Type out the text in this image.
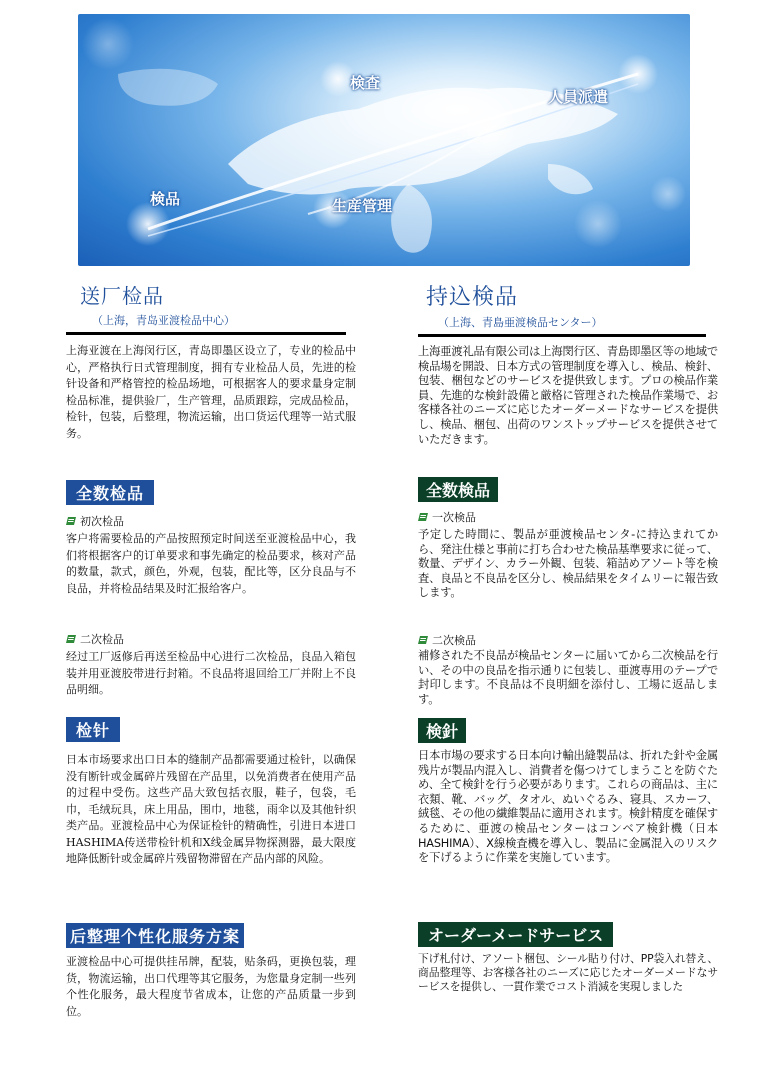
検査
人員派遣
検品	生産管理
送厂检品

（上海，青岛亚渡检品中心）

上海亚渡在上海闵行区，青岛即墨区设立了，专业的检品中心，严格执行日式管理制度，拥有专业检品人员，先进的检针设备和严格管控的检品场地，可根据客人的要求量身定制检品标准，提供验厂，生产管理，品质跟踪，完成品检品，检针，包装，后整理，物流运输，出口货运代理等一站式服务。

全数检品

初次检品

客户将需要检品的产品按照预定时间送至亚渡检品中心，我们将根据客户的订单要求和事先确定的检品要求，核对产品的数量，款式，颜色，外观，包装，配比等，区分良品与不良品，并将检品结果及时汇报给客户。

二次检品

经过工厂返修后再送至检品中心进行二次检品，良品入箱包装并用亚渡胶带进行封箱。不良品将退回给工厂并附上不良品明细。

检针

日本市场要求出口日本的缝制产品都需要通过检针，以确保没有断针或金属碎片残留在产品里，以免消费者在使用产品的过程中受伤。这些产品大致包括衣服，鞋子，包袋，毛巾，毛绒玩具，床上用品，围巾，地毯，雨伞以及其他针织类产品。亚渡检品中心为保证检针的精确性，引进日本进口HASHIMA传送带检针机和X线金属异物探测器，最大限度地降低断针或金属碎片残留物滞留在产品内部的风险。

后整理个性化服务方案

亚渡检品中心可提供挂吊牌，配装，贴条码，更换包装，理货，物流运输，出口代理等其它服务，为您量身定制一些列个性化服务，最大程度节省成本，让您的产品质量一步到位。

持込検品

（上海、青島亜渡検品センター）

上海亜渡礼品有限公司は上海閔行区、青島即墨区等の地域で検品場を開設、日本方式の管理制度を導入し、検品、検針、包装、梱包などのサービスを提供致します。プロの検品作業員、先進的な検針設備と厳格に管理された検品作業場で、お客様各社のニーズに応じたオーダーメードなサービスを提供し、検品、梱包、出荷のワンストップサービスを提供させていただきます。

全数検品

一次検品

予定した時間に、製品が亜渡検品センタ-に持込まれてから、発注仕様と事前に打ち合わせた検品基準要求に従って、数量、デザイン、カラー外観、包装、箱詰めアソート等を検査、良品と不良品を区分し、検品結果をタイムリーに報告致します。

二次検品

補修された不良品が検品センターに届いてから二次検品を行い、その中の良品を指示通りに包装し、亜渡専用のテープで封印します。不良品は不良明細を添付し、工場に返品します。

検針

日本市場の要求する日本向け輸出縫製品は、折れた針や金属残片が製品内混入し、消費者を傷つけてしまうことを防ぐため、全て検針を行う必要があります。これらの商品は、主に衣類、靴、バッグ、タオル、ぬいぐるみ、寝具、スカーフ、絨毯、その他の繊維製品に適用されます。検針精度を確保するために、亜渡の検品センターはコンベア検針機（日本HASHIMA）、X線検査機を導入し、製品に金属混入のリスクを下げるように作業を実施しています。

オーダーメードサービス

下げ札付け、アソート梱包、シール貼り付け、PP袋入れ替え、商品整理等、お客様各社のニーズに応じたオーダーメードなサービスを提供し、一貫作業でコスト消減を実現しました
